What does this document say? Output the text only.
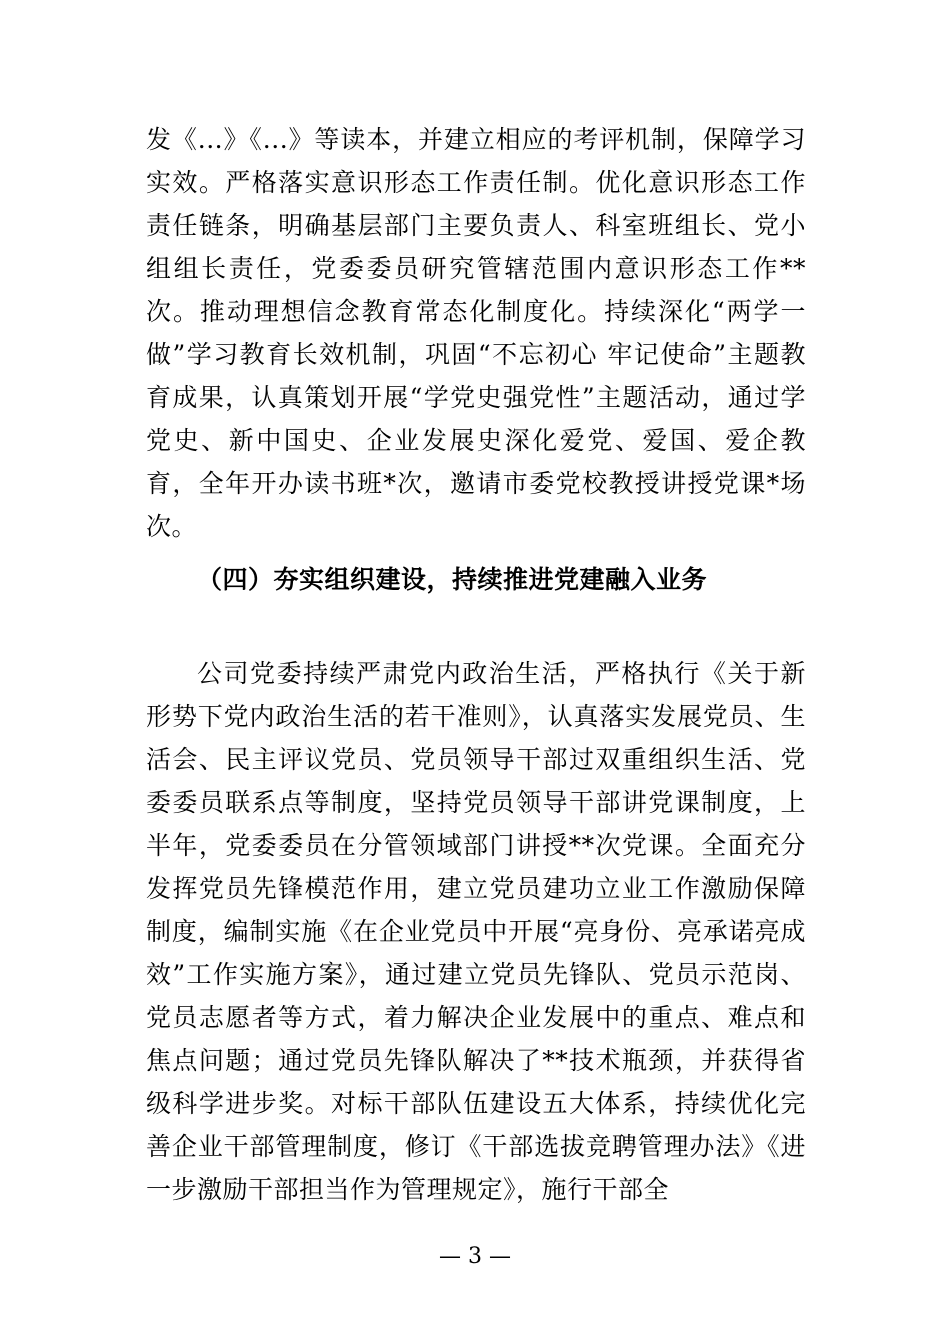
发《...》《...》等读本，并建立相应的考评机制，保障学习实效。严格落实意识形态工作责任制。优化意识形态工作责任链条，明确基层部门主要负责人、科室班组长、党小组组长责任，党委委员研究管辖范围内意识形态工作**次。推动理想信念教育常态化制度化。持续深化“两学一做”学习教育长效机制，巩固“不忘初心 牢记使命”主题教育成果，认真策划开展“学党史强党性”主题活动，通过学党史、新中国史、企业发展史深化爱党、爱国、爱企教育，全年开办读书班*次，邀请市委党校教授讲授党课*场次。

（四）夯实组织建设，持续推进党建融入业务

公司党委持续严肃党内政治生活，严格执行《关于新形势下党内政治生活的若干准则》，认真落实发展党员、生活会、民主评议党员、党员领导干部过双重组织生活、党委委员联系点等制度，坚持党员领导干部讲党课制度，上半年，党委委员在分管领域部门讲授**次党课。全面充分发挥党员先锋模范作用，建立党员建功立业工作激励保障制度，编制实施《在企业党员中开展“亮身份、亮承诺亮成效”工作实施方案》，通过建立党员先锋队、党员示范岗、党员志愿者等方式，着力解决企业发展中的重点、难点和焦点问题；通过党员先锋队解决了**技术瓶颈，并获得省级科学进步奖。对标干部队伍建设五大体系，持续优化完善企业干部管理制度，修订《干部选拔竞聘管理办法》《进一步激励干部担当作为管理规定》，施行干部全

— 3 —
